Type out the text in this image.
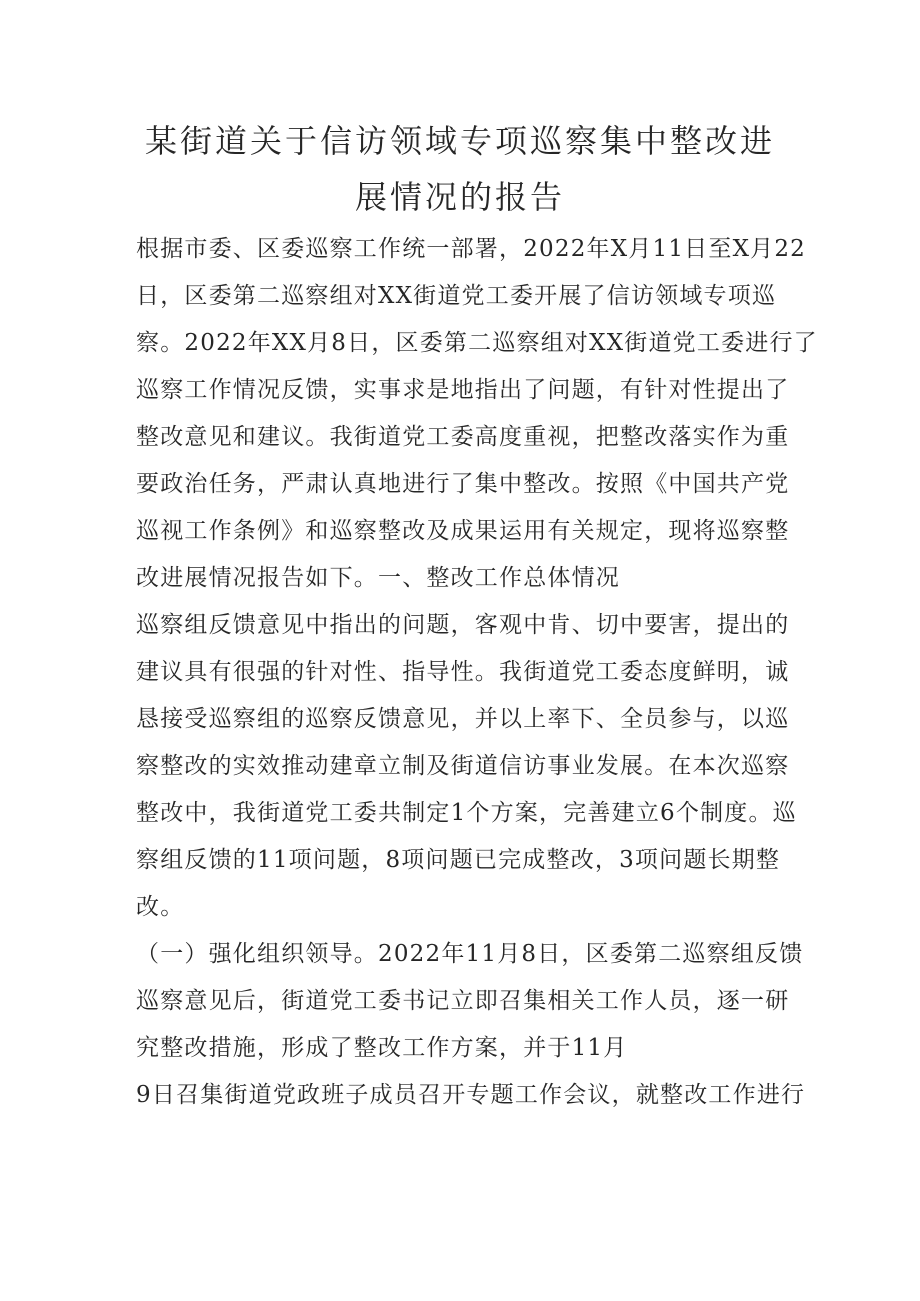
某街道关于信访领域专项巡察集中整改进
展情况的报告
根据市委、区委巡察工作统一部署，2022年X月11日至X月22
日，区委第二巡察组对XX街道党工委开展了信访领域专项巡
察。2022年XX月8日，区委第二巡察组对XX街道党工委进行了
巡察工作情况反馈，实事求是地指出了问题，有针对性提出了
整改意见和建议。我街道党工委高度重视，把整改落实作为重
要政治任务，严肃认真地进行了集中整改。按照《中国共产党
巡视工作条例》和巡察整改及成果运用有关规定，现将巡察整
改进展情况报告如下。一、整改工作总体情况
巡察组反馈意见中指出的问题，客观中肯、切中要害，提出的
建议具有很强的针对性、指导性。我街道党工委态度鲜明，诚
恳接受巡察组的巡察反馈意见，并以上率下、全员参与，以巡
察整改的实效推动建章立制及街道信访事业发展。在本次巡察
整改中，我街道党工委共制定1个方案，完善建立6个制度。巡
察组反馈的11项问题，8项问题已完成整改，3项问题长期整
改。
（一）强化组织领导。2022年11月8日，区委第二巡察组反馈
巡察意见后，街道党工委书记立即召集相关工作人员，逐一研
究整改措施，形成了整改工作方案，并于11月
9日召集街道党政班子成员召开专题工作会议，就整改工作进行
